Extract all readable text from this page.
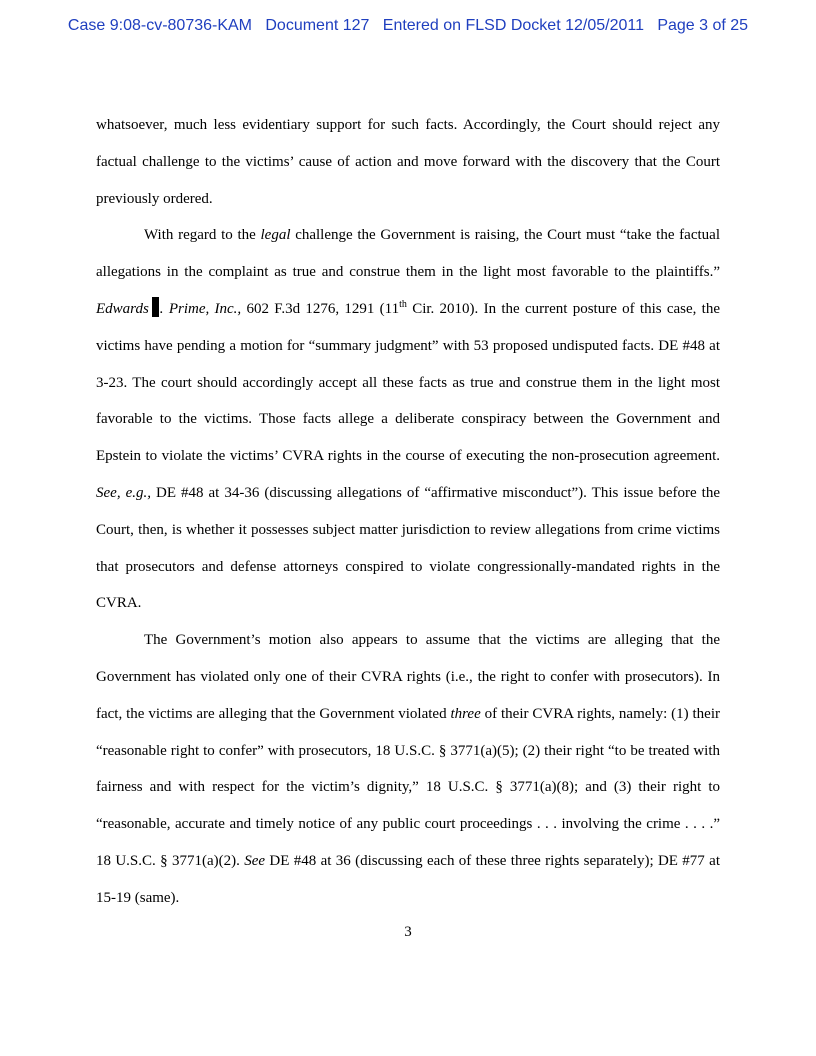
Case 9:08-cv-80736-KAM Document 127 Entered on FLSD Docket 12/05/2011 Page 3 of 25

whatsoever, much less evidentiary support for such facts. Accordingly, the Court should reject any factual challenge to the victims’ cause of action and move forward with the discovery that the Court previously ordered.

With regard to the legal challenge the Government is raising, the Court must “take the factual allegations in the complaint as true and construe them in the light most favorable to the plaintiffs.” Edwards . Prime, Inc., 602 F.3d 1276, 1291 (11th Cir. 2010). In the current posture of this case, the victims have pending a motion for “summary judgment” with 53 proposed undisputed facts. DE #48 at 3-23. The court should accordingly accept all these facts as true and construe them in the light most favorable to the victims. Those facts allege a deliberate conspiracy between the Government and Epstein to violate the victims’ CVRA rights in the course of executing the non-prosecution agreement. See, e.g., DE #48 at 34-36 (discussing allegations of “affirmative misconduct”). This issue before the Court, then, is whether it possesses subject matter jurisdiction to review allegations from crime victims that prosecutors and defense attorneys conspired to violate congressionally-mandated rights in the CVRA.

The Government’s motion also appears to assume that the victims are alleging that the Government has violated only one of their CVRA rights (i.e., the right to confer with prosecutors). In fact, the victims are alleging that the Government violated three of their CVRA rights, namely: (1) their “reasonable right to confer” with prosecutors, 18 U.S.C. § 3771(a)(5); (2) their right “to be treated with fairness and with respect for the victim’s dignity,” 18 U.S.C. § 3771(a)(8); and (3) their right to “reasonable, accurate and timely notice of any public court proceedings . . . involving the crime . . . .” 18 U.S.C. § 3771(a)(2). See DE #48 at 36 (discussing each of these three rights separately); DE #77 at 15-19 (same).

3
